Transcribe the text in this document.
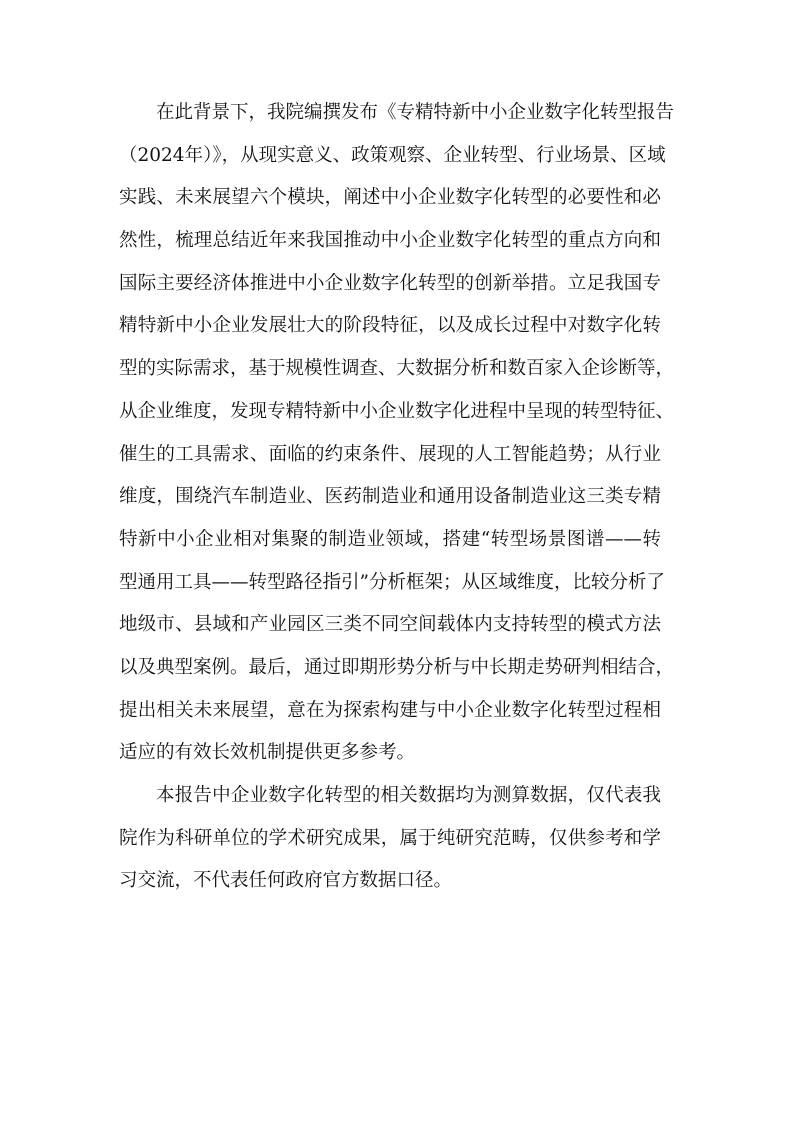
在此背景下，我院编撰发布《专精特新中小企业数字化转型报告
（2024年）》，从现实意义、政策观察、企业转型、行业场景、区域
实践、未来展望六个模块，阐述中小企业数字化转型的必要性和必
然性，梳理总结近年来我国推动中小企业数字化转型的重点方向和
国际主要经济体推进中小企业数字化转型的创新举措。立足我国专
精特新中小企业发展壮大的阶段特征，以及成长过程中对数字化转
型的实际需求，基于规模性调查、大数据分析和数百家入企诊断等，
从企业维度，发现专精特新中小企业数字化进程中呈现的转型特征、
催生的工具需求、面临的约束条件、展现的人工智能趋势；从行业
维度，围绕汽车制造业、医药制造业和通用设备制造业这三类专精
特新中小企业相对集聚的制造业领域，搭建“转型场景图谱——转
型通用工具——转型路径指引”分析框架；从区域维度，比较分析了
地级市、县域和产业园区三类不同空间载体内支持转型的模式方法
以及典型案例。最后，通过即期形势分析与中长期走势研判相结合，
提出相关未来展望，意在为探索构建与中小企业数字化转型过程相
适应的有效长效机制提供更多参考。
本报告中企业数字化转型的相关数据均为测算数据，仅代表我
院作为科研单位的学术研究成果，属于纯研究范畴，仅供参考和学
习交流，不代表任何政府官方数据口径。
